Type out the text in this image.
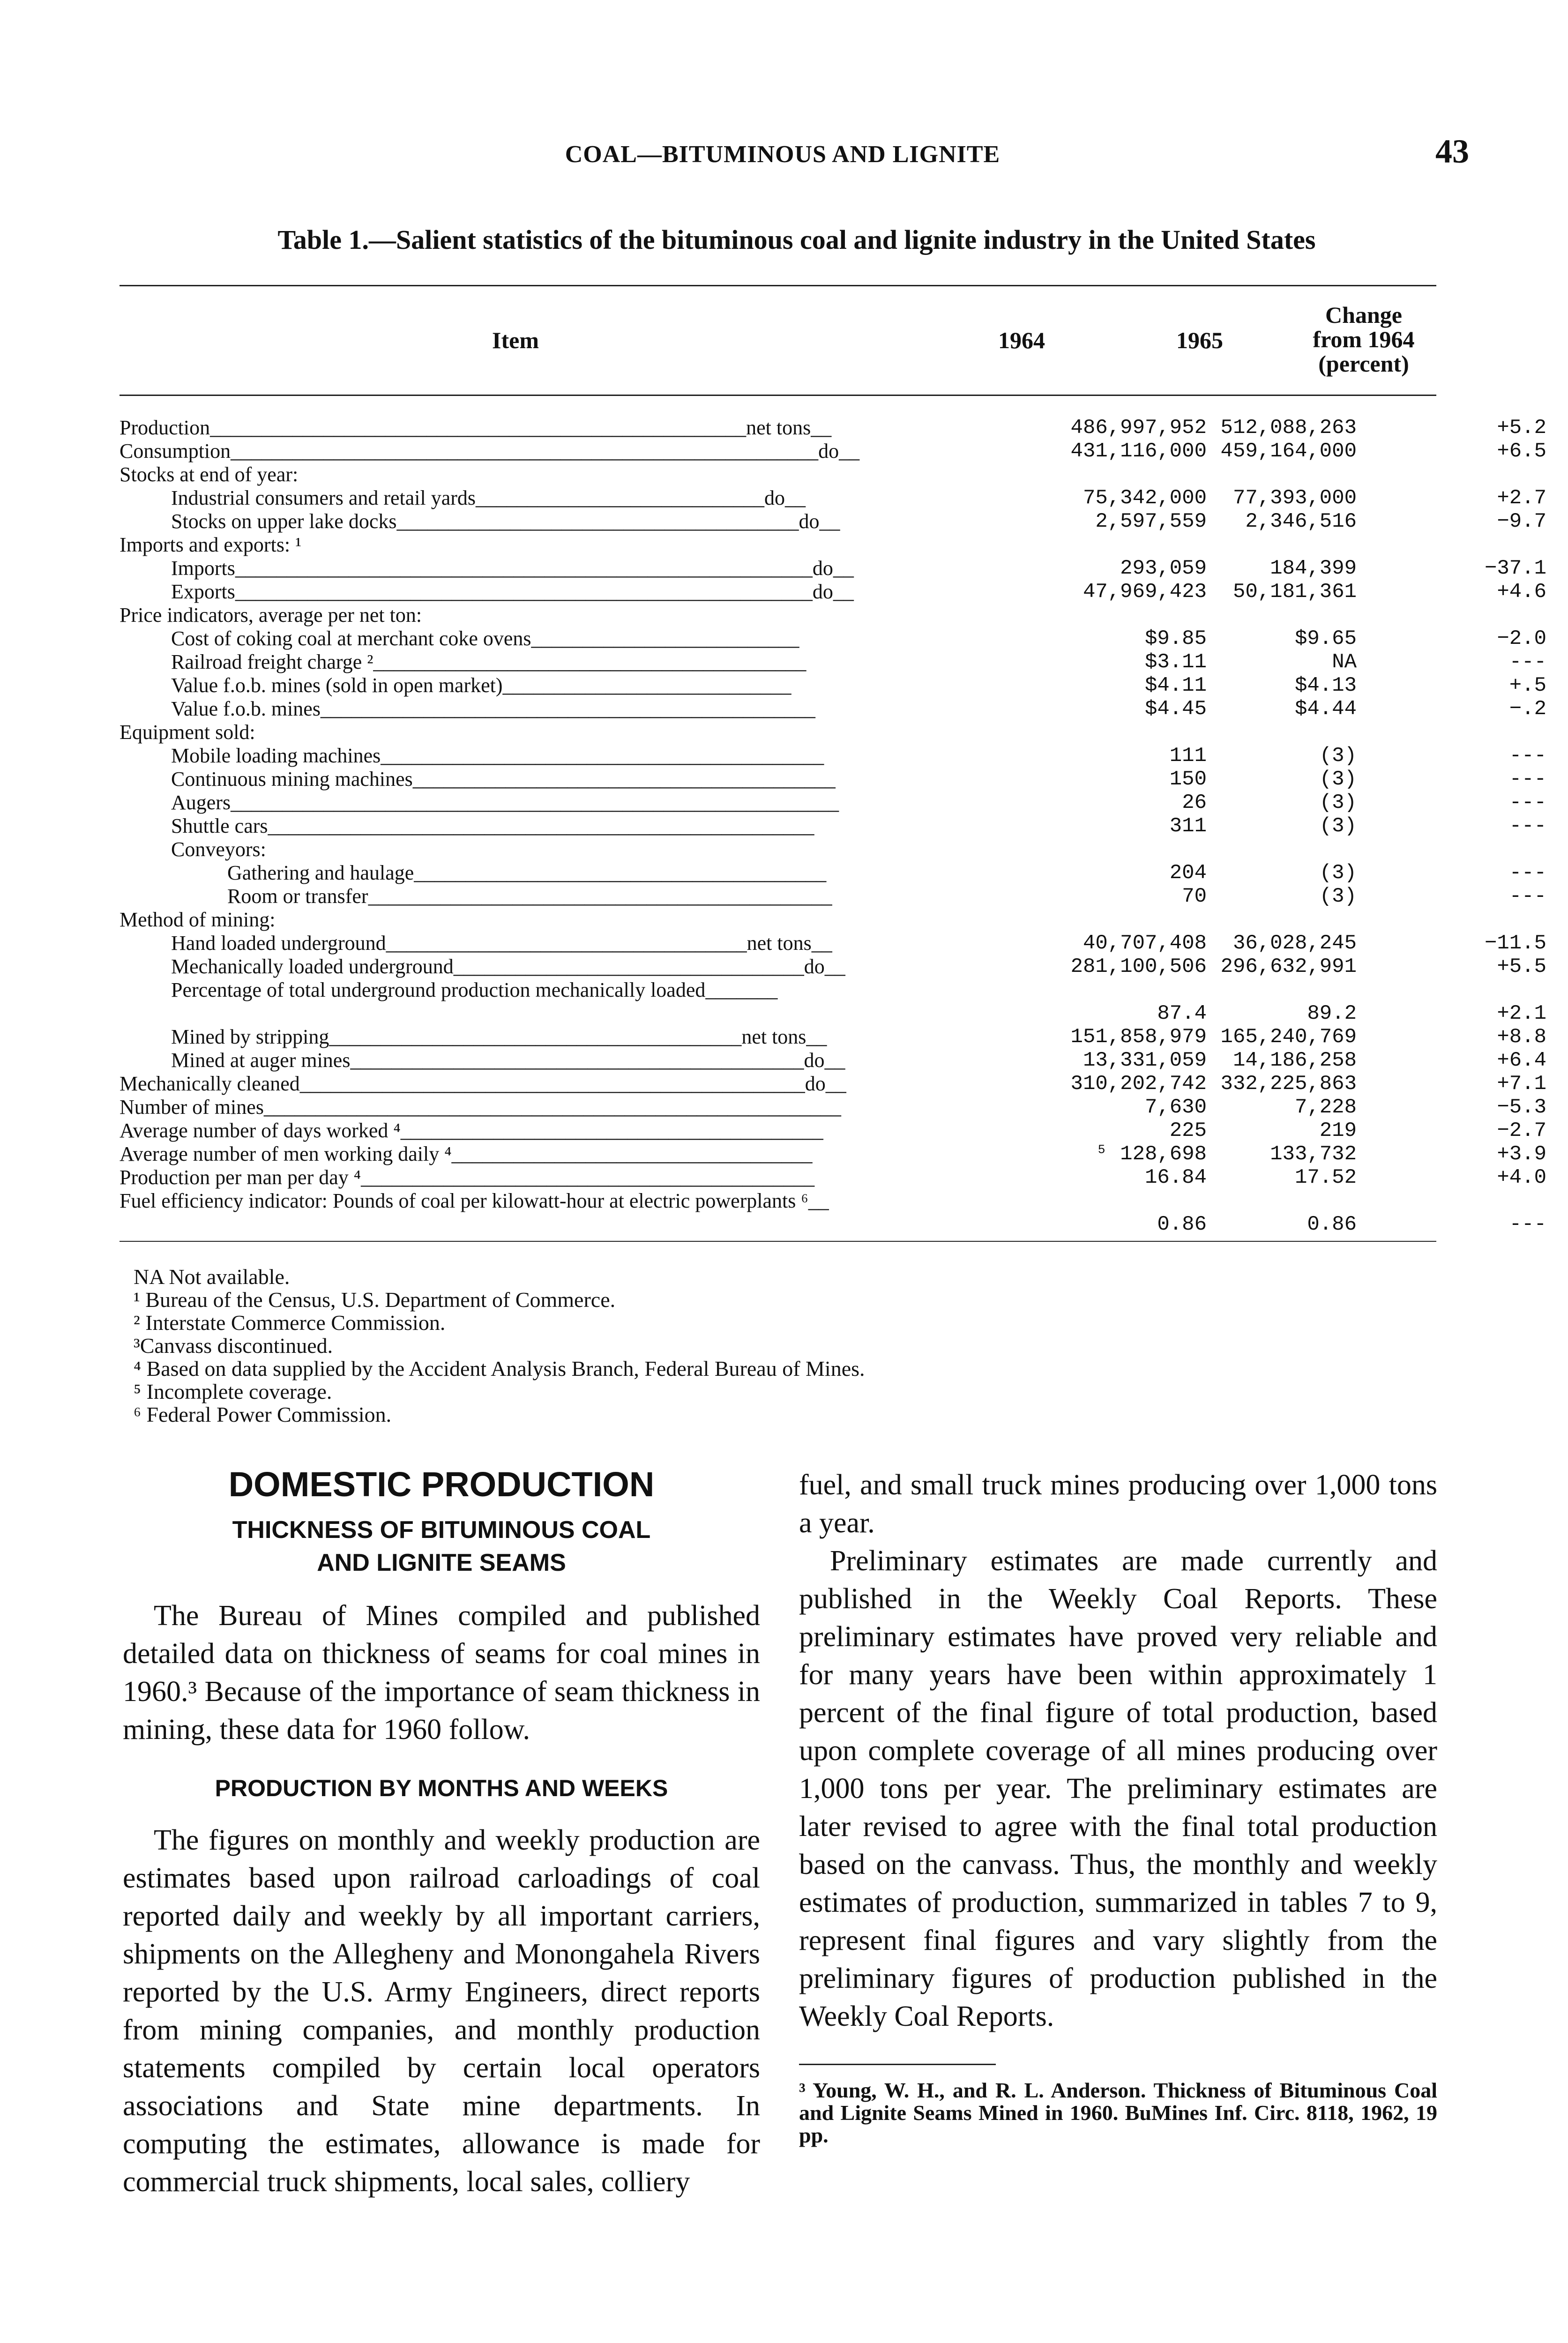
COAL—BITUMINOUS AND LIGNITE	43
Table 1.—Salient statistics of the bituminous coal and lignite industry in the United States
Item	1964	1965
Change
from 1964
(percent)
Production____________________________________________________net tons__	486,997,952 512,088,263	+5.2
Consumption_________________________________________________________do__	431,116,000 459,164,000	+6.5
Stocks at end of year:
Industrial consumers and retail yards____________________________do__	75,342,000	77,393,000	+2.7
Stocks on upper lake docks_______________________________________do__	2,597,559	2,346,516	−9.7
Imports and exports: ¹
Imports________________________________________________________do__	293,059	184,399	−37.1
Exports________________________________________________________do__	47,969,423	50,181,361	+4.6
Price indicators, average per net ton:
Cost of coking coal at merchant coke ovens__________________________	$9.85	$9.65	−2.0
Railroad freight charge ²__________________________________________	$3.11	NA	---
Value f.o.b. mines (sold in open market)____________________________	$4.11	$4.13	+.5
Value f.o.b. mines________________________________________________	$4.45	$4.44	−.2
Equipment sold:
Mobile loading machines___________________________________________	111	(3)	---
Continuous mining machines_________________________________________	150	(3)	---
Augers___________________________________________________________	26	(3)	---
Shuttle cars_____________________________________________________	311	(3)	---
Conveyors:
Gathering and haulage________________________________________	204	(3)	---
Room or transfer_____________________________________________	70	(3)	---
Method of mining:
Hand loaded underground___________________________________net tons__	40,707,408	36,028,245	−11.5
Mechanically loaded underground__________________________________do__	281,100,506 296,632,991	+5.5
Percentage of total underground production mechanically loaded_______
87.4	89.2	+2.1
Mined by stripping________________________________________net tons__	151,858,979 165,240,769	+8.8
Mined at auger mines____________________________________________do__	13,331,059	14,186,258	+6.4
Mechanically cleaned_________________________________________________do__	310,202,742 332,225,863	+7.1
Number of mines________________________________________________________	7,630	7,228	−5.3
Average number of days worked ⁴_________________________________________	225	219	−2.7
Average number of men working daily ⁴___________________________________	⁵ 128,698	133,732	+3.9
Production per man per day ⁴____________________________________________	16.84	17.52	+4.0
Fuel efficiency indicator: Pounds of coal per kilowatt-hour at electric powerplants ⁶__
0.86	0.86	---
NA Not available.
¹ Bureau of the Census, U.S. Department of Commerce.
² Interstate Commerce Commission.
³Canvass discontinued.
⁴ Based on data supplied by the Accident Analysis Branch, Federal Bureau of Mines.
⁵ Incomplete coverage.
⁶ Federal Power Commission.
DOMESTIC PRODUCTION
THICKNESS OF BITUMINOUS COAL
AND LIGNITE SEAMS

The Bureau of Mines compiled and published detailed data on thickness of seams for coal mines in 1960.³ Because of the importance of seam thickness in mining, these data for 1960 follow.

PRODUCTION BY MONTHS AND WEEKS

The figures on monthly and weekly production are estimates based upon railroad carloadings of coal reported daily and weekly by all important carriers, shipments on the Allegheny and Monongahela Rivers reported by the U.S. Army Engineers, direct reports from mining companies, and monthly production statements compiled by certain local operators associations and State mine departments. In computing the estimates, allowance is made for commercial truck shipments, local sales, colliery

fuel, and small truck mines producing over 1,000 tons a year.

Preliminary estimates are made currently and published in the Weekly Coal Reports. These preliminary estimates have proved very reliable and for many years have been within approximately 1 percent of the final figure of total production, based upon complete coverage of all mines producing over 1,000 tons per year. The preliminary estimates are later revised to agree with the final total production based on the canvass. Thus, the monthly and weekly estimates of production, summarized in tables 7 to 9, represent final figures and vary slightly from the preliminary figures of production published in the Weekly Coal Reports.

³ Young, W. H., and R. L. Anderson. Thickness of Bituminous Coal and Lignite Seams Mined in 1960. BuMines Inf. Circ. 8118, 1962, 19 pp.
